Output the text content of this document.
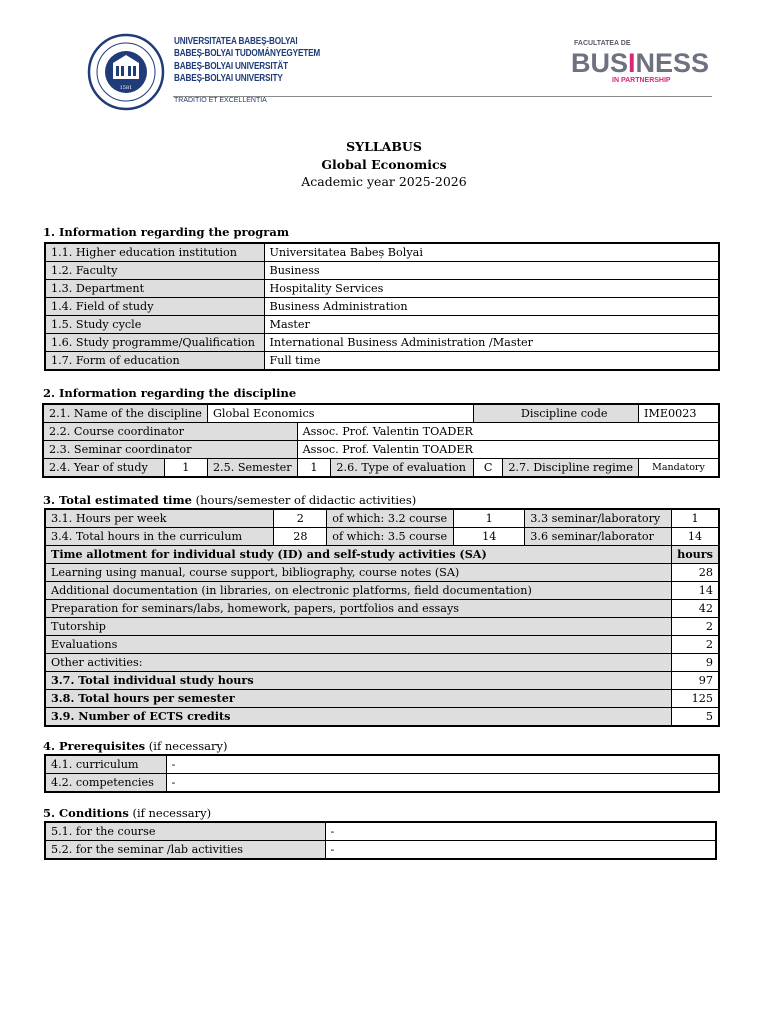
1581
UNIVERSITATEA BABEȘ-BOLYAI
BABEȘ-BOLYAI TUDOMÁNYEGYETEM
BABEȘ-BOLYAI UNIVERSITÄT
BABEȘ-BOLYAI UNIVERSITY
TRADITIO ET EXCELLENTIA
FACULTATEA DE
BUSINESS
IN PARTNERSHIP
SYLLABUS
Global Economics
Academic year 2025-2026
1. Information regarding the program
1.1. Higher education institution	Universitatea Babeș Bolyai
1.2. Faculty	Business
1.3. Department	Hospitality Services
1.4. Field of study	Business Administration
1.5. Study cycle	Master
1.6. Study programme/Qualification	International Business Administration /Master
1.7. Form of education	Full time
2. Information regarding the discipline
2.1. Name of the discipline		Global Economics			Discipline code		IME0023
2.2. Course coordinator			Assoc. Prof. Valentin TOADER				
2.3. Seminar coordinator			Assoc. Prof. Valentin TOADER				
2.4. Year of study	1	2.5. Semester	1	2.6. Type of evaluation	C	2.7. Discipline regime	Mandatory
3. Total estimated time (hours/semester of didactic activities)
3.1. Hours per week	2	of which: 3.2 course	1	3.3 seminar/laboratory	1
3.4. Total hours in the curriculum	28	of which: 3.5 course	14	3.6 seminar/laborator	14
Time allotment for individual study (ID) and self-study activities (SA)					hours
Learning using manual, course support, bibliography, course notes (SA)					28
Additional documentation (in libraries, on electronic platforms, field documentation)					14
Preparation for seminars/labs, homework, papers, portfolios and essays					42
Tutorship					2
Evaluations					2
Other activities:					9
3.7. Total individual study hours					97
3.8. Total hours per semester					125
3.9. Number of ECTS credits					5
4. Prerequisites (if necessary)
4.1. curriculum	-
4.2. competencies	-
5. Conditions (if necessary)
5.1. for the course	-
5.2. for the seminar /lab activities	-
